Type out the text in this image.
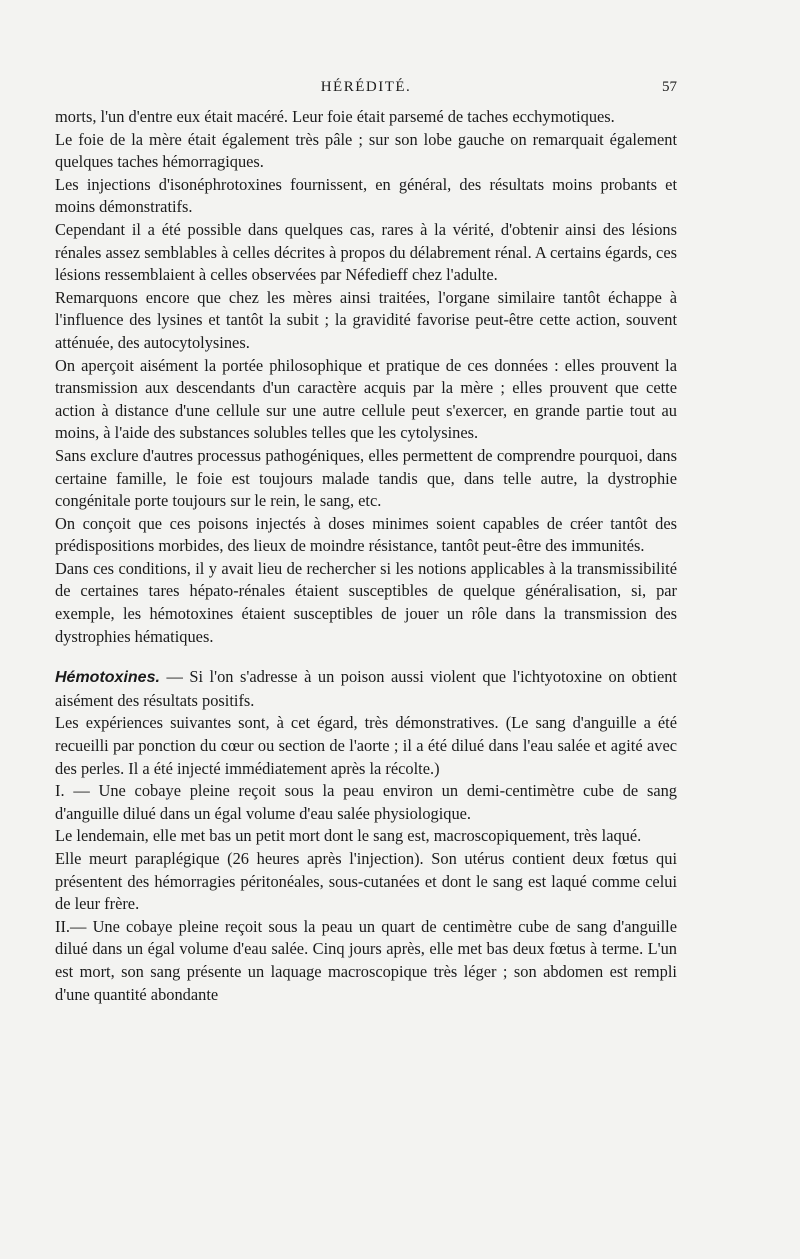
HÉRÉDITÉ.	57

morts, l'un d'entre eux était macéré. Leur foie était parsemé de taches ecchymotiques.

Le foie de la mère était également très pâle ; sur son lobe gauche on remarquait également quelques taches hémorragiques.

Les injections d'isonéphrotoxines fournissent, en général, des résultats moins probants et moins démonstratifs.

Cependant il a été possible dans quelques cas, rares à la vérité, d'obtenir ainsi des lésions rénales assez semblables à celles décrites à propos du délabrement rénal. A certains égards, ces lésions ressemblaient à celles observées par Néfedieff chez l'adulte.

Remarquons encore que chez les mères ainsi traitées, l'organe similaire tantôt échappe à l'influence des lysines et tantôt la subit ; la gravidité favorise peut-être cette action, souvent atténuée, des autocytolysines.

On aperçoit aisément la portée philosophique et pratique de ces données : elles prouvent la transmission aux descendants d'un caractère acquis par la mère ; elles prouvent que cette action à distance d'une cellule sur une autre cellule peut s'exercer, en grande partie tout au moins, à l'aide des substances solubles telles que les cytolysines.

Sans exclure d'autres processus pathogéniques, elles permettent de comprendre pourquoi, dans certaine famille, le foie est toujours malade tandis que, dans telle autre, la dystrophie congénitale porte toujours sur le rein, le sang, etc.

On conçoit que ces poisons injectés à doses minimes soient capables de créer tantôt des prédispositions morbides, des lieux de moindre résistance, tantôt peut-être des immunités.

Dans ces conditions, il y avait lieu de rechercher si les notions applicables à la transmissibilité de certaines tares hépato-rénales étaient susceptibles de quelque généralisation, si, par exemple, les hémotoxines étaient susceptibles de jouer un rôle dans la transmission des dystrophies hématiques.

Hémotoxines. — Si l'on s'adresse à un poison aussi violent que l'ichtyotoxine on obtient aisément des résultats positifs.

Les expériences suivantes sont, à cet égard, très démonstratives. (Le sang d'anguille a été recueilli par ponction du cœur ou section de l'aorte ; il a été dilué dans l'eau salée et agité avec des perles. Il a été injecté immédiatement après la récolte.)

I. — Une cobaye pleine reçoit sous la peau environ un demi-centimètre cube de sang d'anguille dilué dans un égal volume d'eau salée physiologique.

Le lendemain, elle met bas un petit mort dont le sang est, macroscopiquement, très laqué.

Elle meurt paraplégique (26 heures après l'injection). Son utérus contient deux fœtus qui présentent des hémorragies péritonéales, sous-cutanées et dont le sang est laqué comme celui de leur frère.

II.— Une cobaye pleine reçoit sous la peau un quart de centimètre cube de sang d'anguille dilué dans un égal volume d'eau salée. Cinq jours après, elle met bas deux fœtus à terme. L'un est mort, son sang présente un laquage macroscopique très léger ; son abdomen est rempli d'une quantité abondante
